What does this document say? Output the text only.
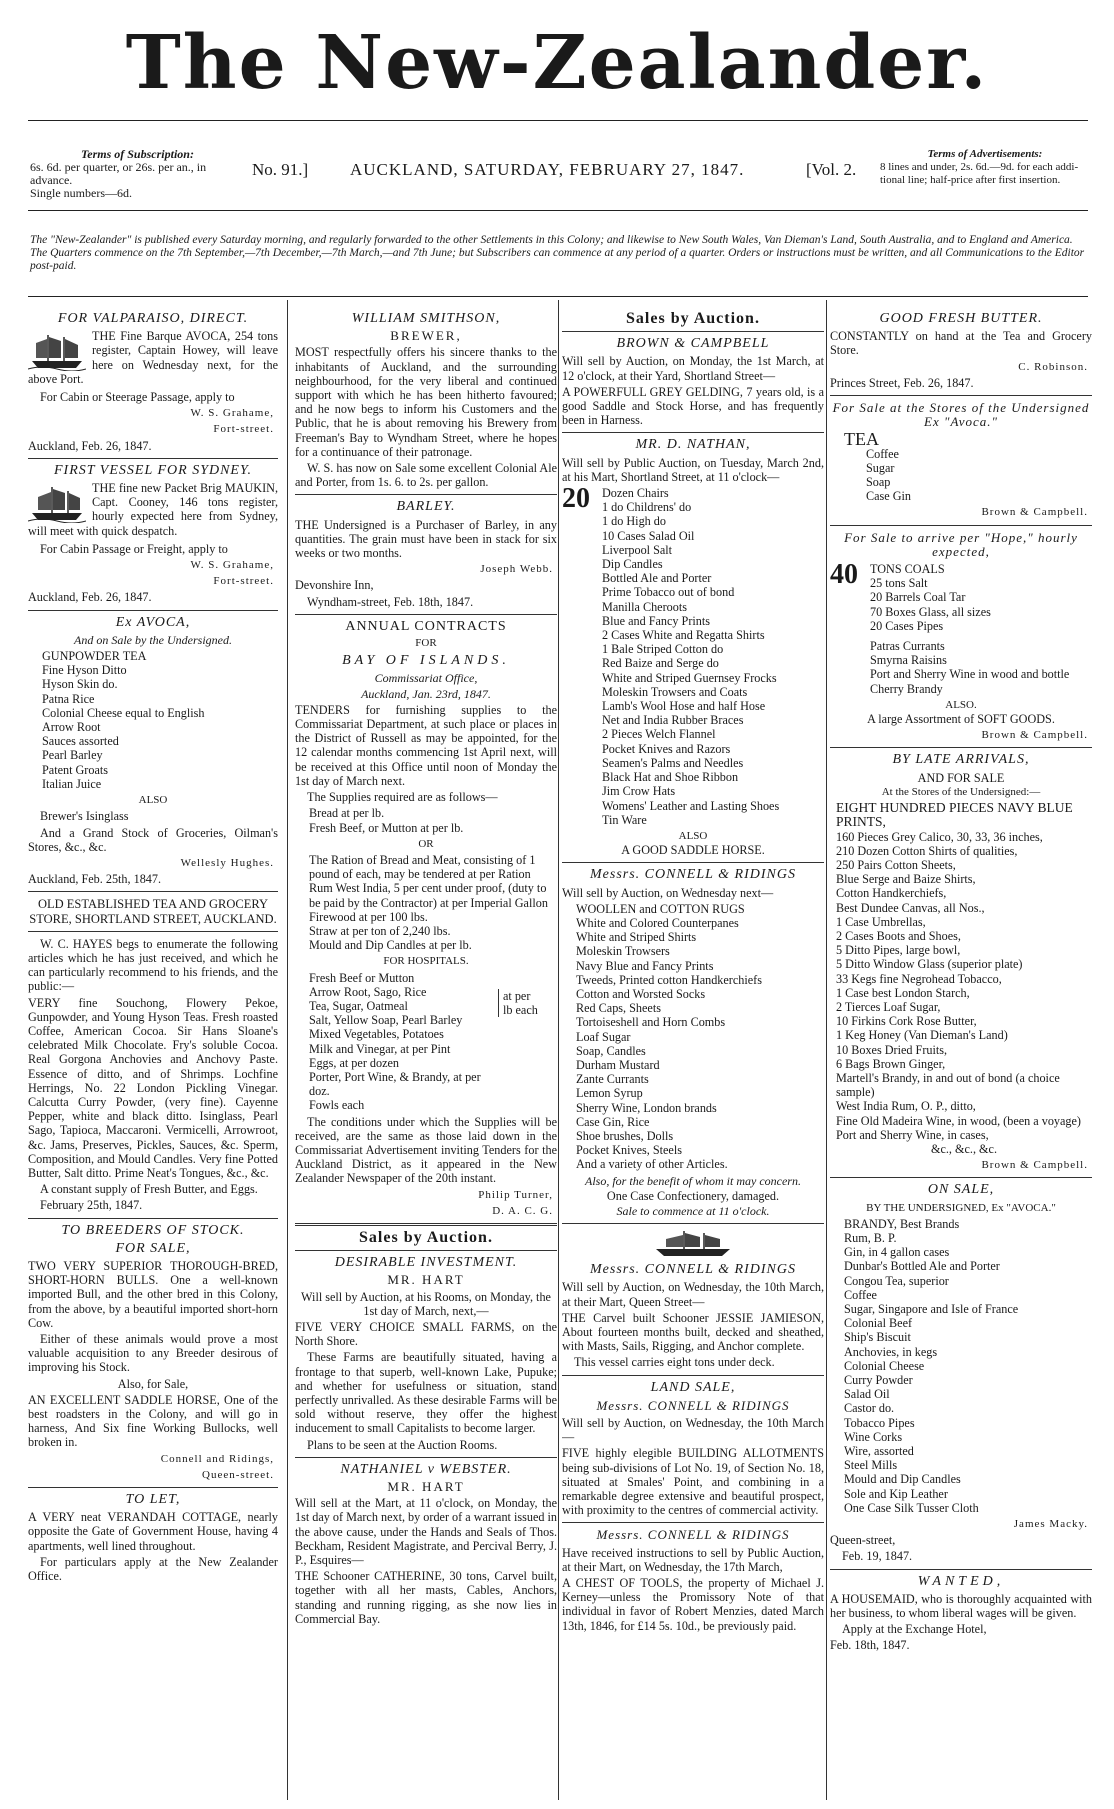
The New-Zealander.
Terms of Subscription:
6s. 6d. per quarter, or 26s. per an., in advance.
Single numbers—6d.
No. 91.] AUCKLAND, SATURDAY, FEBRUARY 27, 1847.	[Vol. 2.
Terms of Advertisements:
8 lines and under, 2s. 6d.—9d. for each addi-
tional line; half-price after first insertion.
The "New-Zealander" is published every Saturday morning, and regularly forwarded to the other Settlements in this Colony; and likewise to New South Wales, Van Dieman's Land, South Australia, and to England and America. The Quarters commence on the 7th September,—7th December,—7th March,—and 7th June; but Subscribers can commence at any period of a quarter. Orders or instructions must be written, and all Communications to the Editor post-paid.
FOR VALPARAISO, DIRECT.
THE Fine Barque AVOCA, 254 tons register, Captain Howey, will leave here on Wednesday next, for the above Port.
For Cabin or Steerage Passage, apply to
W. S. Grahame,
Fort-street.
Auckland, Feb. 26, 1847.
FIRST VESSEL FOR SYDNEY.
THE fine new Packet Brig MAUKIN, Capt. Cooney, 146 tons register, hourly expected here from Sydney, will meet with quick despatch.
For Cabin Passage or Freight, apply to
W. S. Grahame,
Fort-street.
Auckland, Feb. 26, 1847.
Ex AVOCA,
And on Sale by the Undersigned.
GUNPOWDER TEA
Fine Hyson Ditto
Hyson Skin do.
Patna Rice
Colonial Cheese equal to English
Arrow Root
Sauces assorted
Pearl Barley
Patent Groats
Italian Juice
ALSO
Brewer's Isinglass
And a Grand Stock of Groceries, Oilman's Stores, &c., &c.
Wellesly Hughes.
Auckland, Feb. 25th, 1847.
OLD ESTABLISHED TEA AND GROCERY STORE, SHORTLAND STREET, AUCKLAND.
W. C. HAYES begs to enumerate the following articles which he has just received, and which he can particularly recommend to his friends, and the public:—
VERY fine Souchong, Flowery Pekoe, Gunpowder, and Young Hyson Teas. Fresh roasted Coffee, American Cocoa. Sir Hans Sloane's celebrated Milk Chocolate. Fry's soluble Cocoa. Real Gorgona Anchovies and Anchovy Paste. Essence of ditto, and of Shrimps. Lochfine Herrings, No. 22 London Pickling Vinegar. Calcutta Curry Powder, (very fine). Cayenne Pepper, white and black ditto. Isinglass, Pearl Sago, Tapioca, Maccaroni. Vermicelli, Arrowroot, &c. Jams, Preserves, Pickles, Sauces, &c. Sperm, Composition, and Mould Candles. Very fine Potted Butter, Salt ditto. Prime Neat's Tongues, &c., &c.
A constant supply of Fresh Butter, and Eggs.
February 25th, 1847.
TO BREEDERS OF STOCK.
FOR SALE,
TWO VERY SUPERIOR THOROUGH-BRED, SHORT-HORN BULLS. One a well-known imported Bull, and the other bred in this Colony, from the above, by a beautiful imported short-horn Cow.
Either of these animals would prove a most valuable acquisition to any Breeder desirous of improving his Stock.
Also, for Sale,
AN EXCELLENT SADDLE HORSE, One of the best roadsters in the Colony, and will go in harness, And Six fine Working Bullocks, well broken in.
Connell and Ridings,
Queen-street.
TO LET,
A VERY neat VERANDAH COTTAGE, nearly opposite the Gate of Government House, having 4 apartments, well lined throughout.
For particulars apply at the New Zealander Office.
WILLIAM SMITHSON,
BREWER,
MOST respectfully offers his sincere thanks to the inhabitants of Auckland, and the surrounding neighbourhood, for the very liberal and continued support with which he has been hitherto favoured; and he now begs to inform his Customers and the Public, that he is about removing his Brewery from Freeman's Bay to Wyndham Street, where he hopes for a continuance of their patronage.
W. S. has now on Sale some excellent Colonial Ale and Porter, from 1s. 6. to 2s. per gallon.
BARLEY.
THE Undersigned is a Purchaser of Barley, in any quantities. The grain must have been in stack for six weeks or two months.
Joseph Webb.
Devonshire Inn,
Wyndham-street, Feb. 18th, 1847.
ANNUAL CONTRACTS
FOR
BAY OF ISLANDS.
Commissariat Office,
Auckland, Jan. 23rd, 1847.
TENDERS for furnishing supplies to the Commissariat Department, at such place or places in the District of Russell as may be appointed, for the 12 calendar months commencing 1st April next, will be received at this Office until noon of Monday the 1st day of March next.
The Supplies required are as follows—
Bread at per lb.
Fresh Beef, or Mutton at per lb.
OR
The Ration of Bread and Meat, consisting of 1 pound of each, may be tendered at per Ration
Rum West India, 5 per cent under proof, (duty to be paid by the Contractor) at per Imperial Gallon
Firewood at per 100 lbs.
Straw at per ton of 2,240 lbs.
Mould and Dip Candles at per lb.
FOR HOSPITALS.
Fresh Beef or Mutton
Arrow Root, Sago, Rice
Tea, Sugar, Oatmeal
Salt, Yellow Soap, Pearl Barley
Mixed Vegetables, Potatoes
Milk and Vinegar, at per Pint
Eggs, at per dozen
Porter, Port Wine, & Brandy, at per doz.
Fowls each
at per
lb each
The conditions under which the Supplies will be received, are the same as those laid down in the Commissariat Advertisement inviting Tenders for the Auckland District, as it appeared in the New Zealander Newspaper of the 20th instant.
Philip Turner,
D. A. C. G.
Sales by Auction.
DESIRABLE INVESTMENT.
MR. HART
Will sell by Auction, at his Rooms, on Monday, the 1st day of March, next,—
FIVE VERY CHOICE SMALL FARMS, on the North Shore.
These Farms are beautifully situated, having a frontage to that superb, well-known Lake, Pupuke; and whether for usefulness or situation, stand perfectly unrivalled. As these desirable Farms will be sold without reserve, they offer the highest inducement to small Capitalists to become larger.
Plans to be seen at the Auction Rooms.
NATHANIEL v WEBSTER.
MR. HART
Will sell at the Mart, at 11 o'clock, on Monday, the 1st day of March next, by order of a warrant issued in the above cause, under the Hands and Seals of Thos. Beckham, Resident Magistrate, and Percival Berry, J. P., Esquires—
THE Schooner CATHERINE, 30 tons, Carvel built, together with all her masts, Cables, Anchors, standing and running rigging, as she now lies in Commercial Bay.
Sales by Auction.
BROWN & CAMPBELL
Will sell by Auction, on Monday, the 1st March, at 12 o'clock, at their Yard, Shortland Street—
A POWERFULL GREY GELDING, 7 years old, is a good Saddle and Stock Horse, and has frequently been in Harness.
MR. D. NATHAN,
Will sell by Public Auction, on Tuesday, March 2nd, at his Mart, Shortland Street, at 11 o'clock—
20 Dozen Chairs
1 do Childrens' do
1 do High do
10 Cases Salad Oil
Liverpool Salt
Dip Candles
Bottled Ale and Porter
Prime Tobacco out of bond
Manilla Cheroots
Blue and Fancy Prints
2 Cases White and Regatta Shirts
1 Bale Striped Cotton do
Red Baize and Serge do
White and Striped Guernsey Frocks
Moleskin Trowsers and Coats
Lamb's Wool Hose and half Hose
Net and India Rubber Braces
2 Pieces Welch Flannel
Pocket Knives and Razors
Seamen's Palms and Needles
Black Hat and Shoe Ribbon
Jim Crow Hats
Womens' Leather and Lasting Shoes
Tin Ware
ALSO
A GOOD SADDLE HORSE.
Messrs. CONNELL & RIDINGS
Will sell by Auction, on Wednesday next—
WOOLLEN and COTTON RUGS
White and Colored Counterpanes
White and Striped Shirts
Moleskin Trowsers
Navy Blue and Fancy Prints
Tweeds, Printed cotton Handkerchiefs
Cotton and Worsted Socks
Red Caps, Sheets
Tortoiseshell and Horn Combs
Loaf Sugar
Soap, Candles
Durham Mustard
Zante Currants
Lemon Syrup
Sherry Wine, London brands
Case Gin, Rice
Shoe brushes, Dolls
Pocket Knives, Steels
And a variety of other Articles.
Also, for the benefit of whom it may concern.
One Case Confectionery, damaged.
Sale to commence at 11 o'clock.
Messrs. CONNELL & RIDINGS
Will sell by Auction, on Wednesday, the 10th March, at their Mart, Queen Street—
THE Carvel built Schooner JESSIE JAMIESON, About fourteen months built, decked and sheathed, with Masts, Sails, Rigging, and Anchor complete.
This vessel carries eight tons under deck.
LAND SALE,
Messrs. CONNELL & RIDINGS
Will sell by Auction, on Wednesday, the 10th March—
FIVE highly elegible BUILDING ALLOTMENTS being sub-divisions of Lot No. 19, of Section No. 18, situated at Smales' Point, and combining in a remarkable degree extensive and beautiful prospect, with proximity to the centres of commercial activity.
Messrs. CONNELL & RIDINGS
Have received instructions to sell by Public Auction, at their Mart, on Wednesday, the 17th March,
A CHEST OF TOOLS, the property of Michael J. Kerney—unless the Promissory Note of that individual in favor of Robert Menzies, dated March 13th, 1846, for £14 5s. 10d., be previously paid.
GOOD FRESH BUTTER.
CONSTANTLY on hand at the Tea and Grocery Store.
C. Robinson.
Princes Street, Feb. 26, 1847.
For Sale at the Stores of the Undersigned Ex "Avoca."
TEA
Coffee
Sugar
Soap
Case Gin
Brown & Campbell.
For Sale to arrive per "Hope," hourly expected,
40 TONS COALS
25 tons Salt
20 Barrels Coal Tar
70 Boxes Glass, all sizes
20 Cases Pipes
Patras Currants
Smyrna Raisins
Port and Sherry Wine in wood and bottle
Cherry Brandy
ALSO.
A large Assortment of SOFT GOODS.
Brown & Campbell.
BY LATE ARRIVALS,
AND FOR SALE
At the Stores of the Undersigned:—
EIGHT HUNDRED PIECES NAVY BLUE PRINTS,
160 Pieces Grey Calico, 30, 33, 36 inches,
210 Dozen Cotton Shirts of qualities,
250 Pairs Cotton Sheets,
Blue Serge and Baize Shirts,
Cotton Handkerchiefs,
Best Dundee Canvas, all Nos.,
1 Case Umbrellas,
2 Cases Boots and Shoes,
5 Ditto Pipes, large bowl,
5 Ditto Window Glass (superior plate)
33 Kegs fine Negrohead Tobacco,
1 Case best London Starch,
2 Tierces Loaf Sugar,
10 Firkins Cork Rose Butter,
1 Keg Honey (Van Dieman's Land)
10 Boxes Dried Fruits,
6 Bags Brown Ginger,
Martell's Brandy, in and out of bond (a choice sample)
West India Rum, O. P., ditto,
Fine Old Madeira Wine, in wood, (been a voyage)
Port and Sherry Wine, in cases,
&c., &c., &c.
Brown & Campbell.
ON SALE,
BY THE UNDERSIGNED, Ex "AVOCA."
BRANDY, Best Brands
Rum, B. P.
Gin, in 4 gallon cases
Dunbar's Bottled Ale and Porter
Congou Tea, superior
Coffee
Sugar, Singapore and Isle of France
Colonial Beef
Ship's Biscuit
Anchovies, in kegs
Colonial Cheese
Curry Powder
Salad Oil
Castor do.
Tobacco Pipes
Wine Corks
Wire, assorted
Steel Mills
Mould and Dip Candles
Sole and Kip Leather
One Case Silk Tusser Cloth
James Macky.
Queen-street,
Feb. 19, 1847.
WANTED,
A HOUSEMAID, who is thoroughly acquainted with her business, to whom liberal wages will be given.
Apply at the Exchange Hotel,
Feb. 18th, 1847.
